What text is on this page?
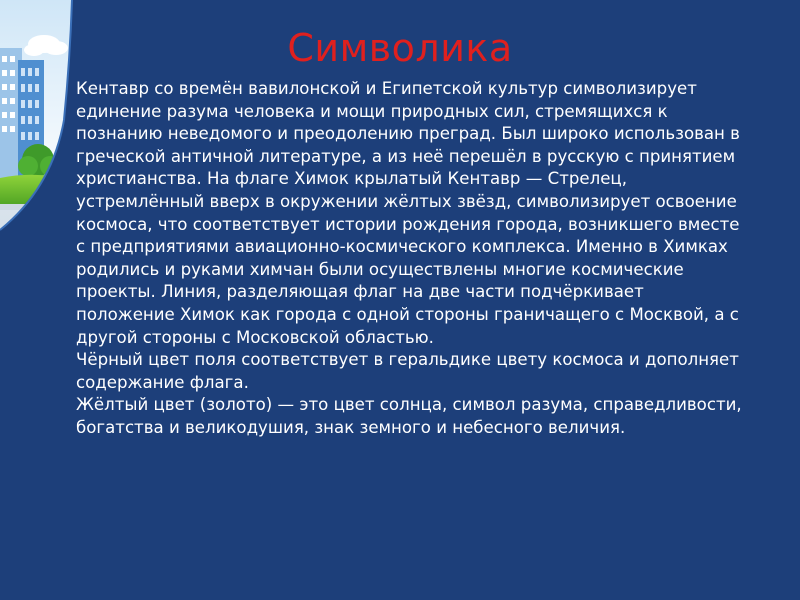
Символика

Кентавр со времён вавилонской и Египетской культур символизирует единение разума человека и мощи природных сил, стремящихся к познанию неведомого и преодолению преград. Был широко использован в греческой античной литературе, а из неё перешёл в русскую с принятием христианства. На флаге Химок крылатый Кентавр — Стрелец, устремлённый вверх в окружении жёлтых звёзд, символизирует освоение космоса, что соответствует истории рождения города, возникшего вместе с предприятиями авиационно-космического комплекса. Именно в Химках родились и руками химчан были осуществлены многие космические проекты. Линия, разделяющая флаг на две части подчёркивает положение Химок как города с одной стороны граничащего с Москвой, а с другой стороны с Московской областью.

Чёрный цвет поля соответствует в геральдике цвету космоса и дополняет содержание флага.

Жёлтый цвет (золото) — это цвет солнца, символ разума, справедливости, богатства и великодушия, знак земного и небесного величия.
